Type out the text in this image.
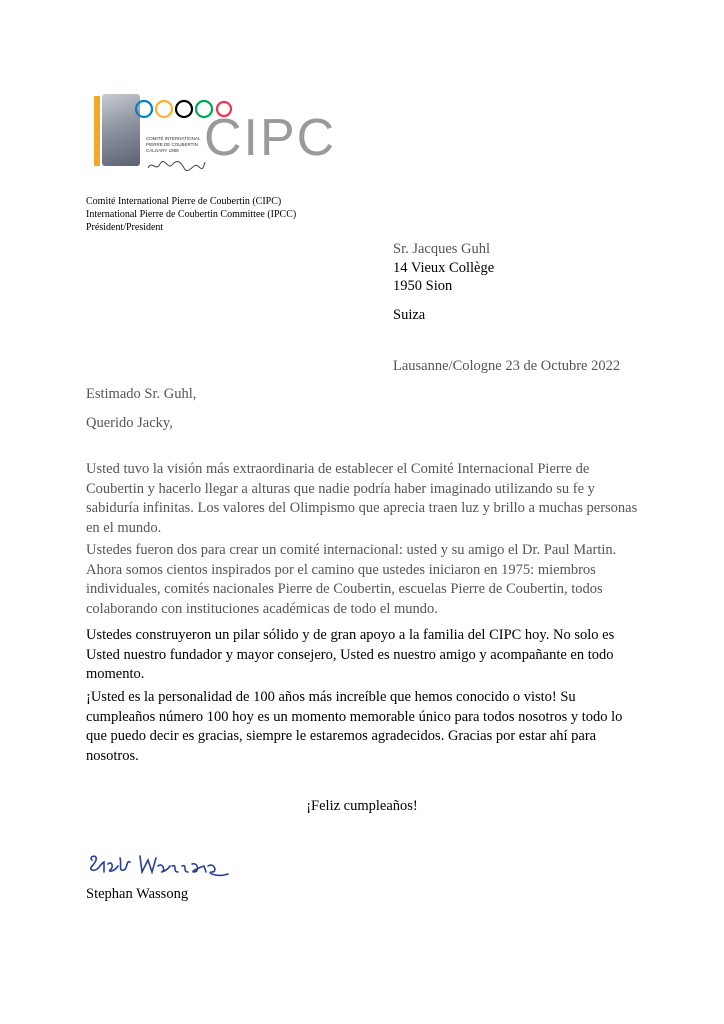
COMITÉ INTERNATIONAL
PIERRE DE COUBERTIN
CALGARY 1988 CIPC
Comité International Pierre de Coubertin (CIPC)
International Pierre de Coubertin Committee (IPCC)
Président/President
Sr. Jacques Guhl
14 Vieux Collège
1950 Sion
Suiza
Lausanne/Cologne 23 de Octubre 2022
Estimado Sr. Guhl,
Querido Jacky,

Usted tuvo la visión más extraordinaria de establecer el Comité Internacional Pierre de Coubertin y hacerlo llegar a alturas que nadie podría haber imaginado utilizando su fe y sabiduría infinitas. Los valores del Olimpismo que aprecia traen luz y brillo a muchas personas en el mundo.

Ustedes fueron dos para crear un comité internacional: usted y su amigo el Dr. Paul Martin. Ahora somos cientos inspirados por el camino que ustedes iniciaron en 1975: miembros individuales, comités nacionales Pierre de Coubertin, escuelas Pierre de Coubertin, todos colaborando con instituciones académicas de todo el mundo.

Ustedes construyeron un pilar sólido y de gran apoyo a la familia del CIPC hoy. No solo es Usted nuestro fundador y mayor consejero, Usted es nuestro amigo y acompañante en todo momento.

¡Usted es la personalidad de 100 años más increíble que hemos conocido o visto! Su cumpleaños número 100 hoy es un momento memorable único para todos nosotros y todo lo que puedo decir es gracias, siempre le estaremos agradecidos. Gracias por estar ahí para nosotros.

¡Feliz cumpleaños!
Stephan Wassong
